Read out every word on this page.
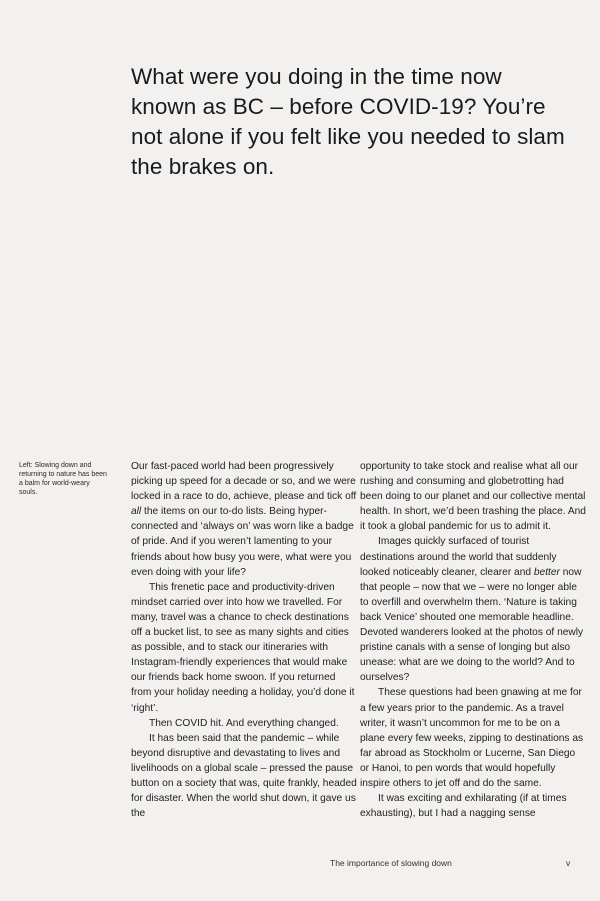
What were you doing in the time now known as BC – before COVID-19? You’re not alone if you felt like you needed to slam the brakes on.

Left: Slowing down and returning to nature has been a balm for world-weary souls.

Our fast-paced world had been progressively picking up speed for a decade or so, and we were locked in a race to do, achieve, please and tick off all the items on our to-do lists. Being hyper-connected and ‘always on’ was worn like a badge of pride. And if you weren’t lamenting to your friends about how busy you were, what were you even doing with your life?

This frenetic pace and productivity-driven mindset carried over into how we travelled. For many, travel was a chance to check destinations off a bucket list, to see as many sights and cities as possible, and to stack our itineraries with Instagram-friendly experiences that would make our friends back home swoon. If you returned from your holiday needing a holiday, you’d done it ‘right’.

Then COVID hit. And everything changed.

It has been said that the pandemic – while beyond disruptive and devastating to lives and livelihoods on a global scale – pressed the pause button on a society that was, quite frankly, headed for disaster. When the world shut down, it gave us the

opportunity to take stock and realise what all our rushing and consuming and globetrotting had been doing to our planet and our collective mental health. In short, we’d been trashing the place. And it took a global pandemic for us to admit it.

Images quickly surfaced of tourist destinations around the world that suddenly looked noticeably cleaner, clearer and better now that people – now that we – were no longer able to overfill and overwhelm them. ‘Nature is taking back Venice’ shouted one memorable headline. Devoted wanderers looked at the photos of newly pristine canals with a sense of longing but also unease: what are we doing to the world? And to ourselves?

These questions had been gnawing at me for a few years prior to the pandemic. As a travel writer, it wasn’t uncommon for me to be on a plane every few weeks, zipping to destinations as far abroad as Stockholm or Lucerne, San Diego or Hanoi, to pen words that would hopefully inspire others to jet off and do the same.

It was exciting and exhilarating (if at times exhausting), but I had a nagging sense

The importance of slowing down	v
